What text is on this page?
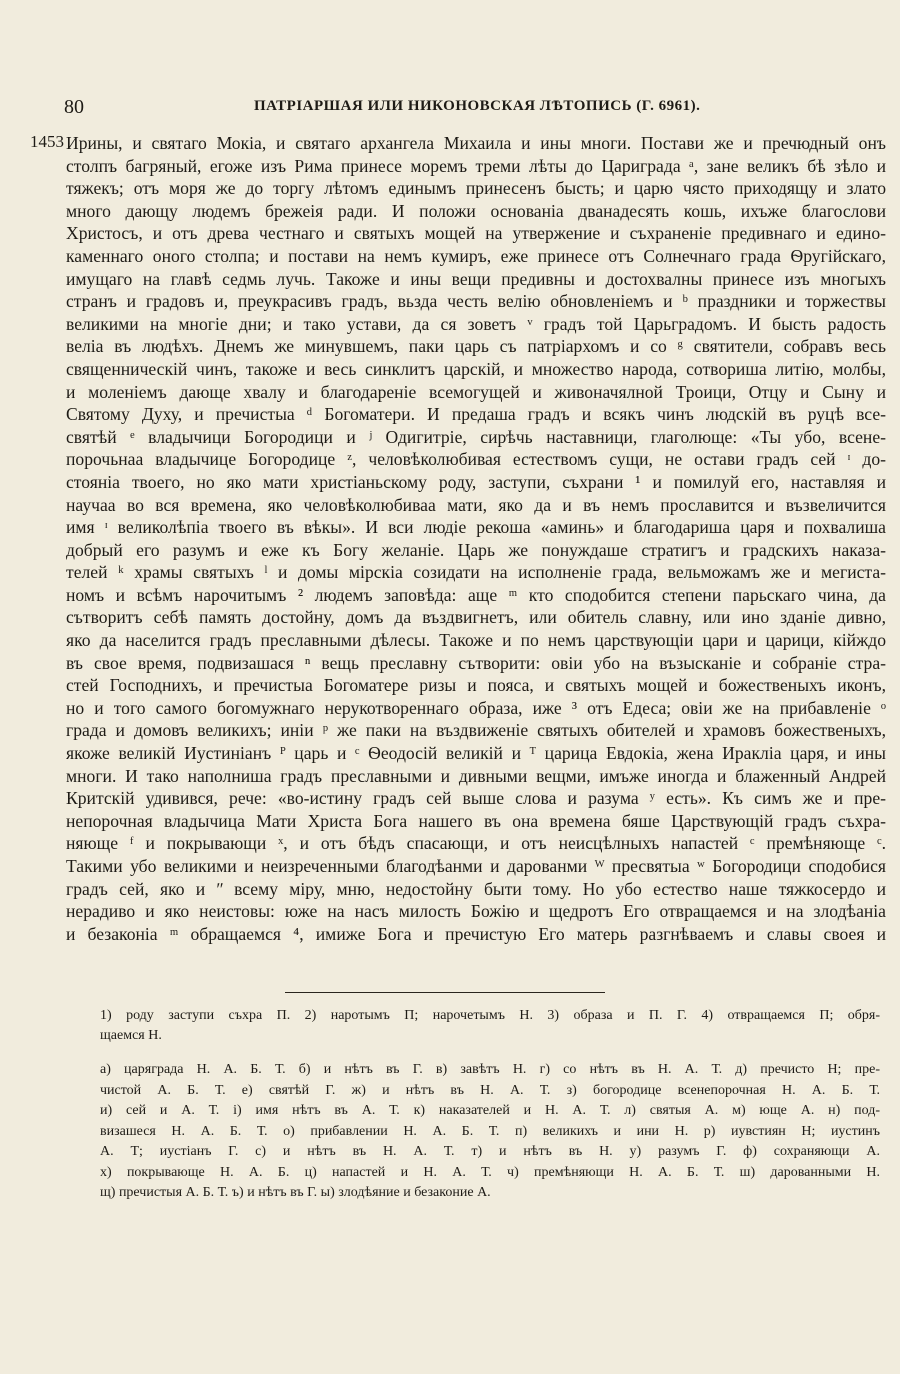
80	ПАТРІАРШАЯ ИЛИ НИКОНОВСКАЯ ЛѢТОПИСЬ (Г. 6961).
1453 Ирины, и святаго Мокіа, и святаго архангела Михаила и ины многи. Постави же и пречюдный онъ
столпъ багряный, егоже изъ Рима принесе моремъ треми лѣты до Цариграда ᵃ, зане великъ бѣ зѣло и
тяжекъ; отъ моря же до торгу лѣтомъ единымъ принесенъ бысть; и царю чясто приходящу и злато
много дающу людемъ брежеія ради. И положи основаніа дванадесять кошь, ихъже благослови
Христосъ, и отъ древа честнаго и святыхъ мощей на утвержение и съхраненіе предивнаго и едино-
каменнаго оного столпа; и постави на немъ кумиръ, еже принесе отъ Солнечнаго града Ѳругійскаго,
имущаго на главѣ седмь лучь. Такоже и ины вещи предивны и достохвалны принесе изъ многыхъ
странъ и градовъ и, преукрасивъ градъ, вьзда честь велію обновленіемъ и ᵇ праздники и торжествы
великими на многіе дни; и тако устави, да ся зоветъ ᵛ градъ той Царьградомъ. И бысть радость
веліа въ людѣхъ. Днемъ же минувшемъ, паки царь съ патріархомъ и со ᵍ святители, собравъ весь
священническій чинъ, такоже и весь синклитъ царскій, и множество народа, сотвориша литію, молбы,
и моленіемъ дающе хвалу и благодареніе всемогущей и живоначялной Троици, Отцу и Сыну и
Святому Духу, и пречистыа ᵈ Богоматери. И предаша градъ и всякъ чинъ людскій въ руцѣ все-
святѣй ᵉ владычици Богородици и ʲ Одигитріе, сирѣчь наставници, глаголюще: «Ты убо, всене-
порочьнаа владычице Богородице ᶻ, человѣколюбивая естествомъ сущи, не остави градъ сей ᶦ до-
стояніа твоего, но яко мати христіаньскому роду, заступи, съхрани ¹ и помилуй его, наставляя и
научаа во вся времена, яко человѣколюбиваа мати, яко да и въ немъ прославится и възвеличится
имя ᶦ великолѣпіа твоего въ вѣкы». И вси людіе рекоша «аминь» и благодариша царя и похвалиша
добрый его разумъ и еже къ Богу желаніе. Царь же понуждаше стратигъ и градскихъ наказа-
телей ᵏ храмы святыхъ ˡ и домы мірскіа созидати на исполненіе града, вельможамъ же и мегиста-
номъ и всѣмъ нарочитымъ ² людемъ заповѣда: аще ᵐ кто сподобится степени парьскаго чина, да
сътворитъ себѣ память достойну, домъ да въздвигнетъ, или обитель славну, или ино зданіе дивно,
яко да населится градъ преславными дѣлесы. Такоже и по немъ царствующіи цари и царици, кійждо
въ свое время, подвизашася ⁿ вещь преславну сътворити: овіи убо на възысканіе и собраніе стра-
стей Господнихъ, и пречистыа Богоматере ризы и пояса, и святыхъ мощей и божественыхъ иконъ,
но и того самого богомужнаго нерукотвореннаго образа, иже ³ отъ Едеса; овіи же на прибавленіе ᵒ
града и домовъ великихъ; иніи ᵖ же паки на въздвиженіе святыхъ обителей и храмовъ божественыхъ,
якоже великій Иустиніанъ ᴾ царь и ᶜ Ѳеодосій великій и ᵀ царица Евдокіа, жена Иракліа царя, и ины
многи. И тако наполниша градъ преславными и дивными вещми, имъже иногда и блаженный Андрей
Критскій удивився, рече: «во-истину градъ сей выше слова и разума ʸ есть». Къ симъ же и пре-
непорочная владычица Мати Христа Бога нашего въ она времена бяше Царствующій градъ съхра-
няюще ᶠ и покрывающи ˣ, и отъ бѣдъ спасающи, и отъ неисцѣлныхъ напастей ᶜ премѣняюще ᶜ.
Такими убо великими и неизреченными благодѣанми и дарованми ᵂ пресвятыа ʷ Богородици сподобися
градъ сей, яко и ʺ всему міру, мню, недостойну быти тому. Но убо естество наше тяжкосердо и
нерадиво и яко неистовы: юже на насъ милость Божію и щедротъ Его отвращаемся и на злодѣаніа
и безаконіа ᵐ обращаемся ⁴, имиже Бога и пречистую Его матерь разгнѣваемъ и славы своея и
1) роду заступи съхра П. 2) наротымъ П; нарочетымъ Н. 3) образа и П. Г. 4) отвращаемся П; обря-
щаемся Н.
а) царяграда Н. А. Б. Т. б) и нѣтъ въ Г. в) завѣтъ Н. г) со нѣтъ въ Н. А. Т. д) пречисто Н; пре-
чистой А. Б. Т. е) святѣй Г. ж) и нѣтъ въ Н. А. Т. з) богородице всенепорочная Н. А. Б. Т.
и) сей и А. Т. і) имя нѣтъ въ А. Т. к) наказателей и Н. А. Т. л) святыя А. м) юще А. н) под-
визашеся Н. А. Б. Т. о) прибавлении Н. А. Б. Т. п) великихъ и ини Н. р) иувстиян Н; иустинъ
А. Т; иустіанъ Г. с) и нѣтъ въ Н. А. Т. т) и нѣтъ въ Н. у) разумъ Г. ф) сохраняющи А.
х) покрывающе Н. А. Б. ц) напастей и Н. А. Т. ч) премѣняющи Н. А. Б. Т. ш) дарованными Н.
щ) пречистыя А. Б. Т. ъ) и нѣтъ въ Г. ы) злодѣяние и безаконие А.
